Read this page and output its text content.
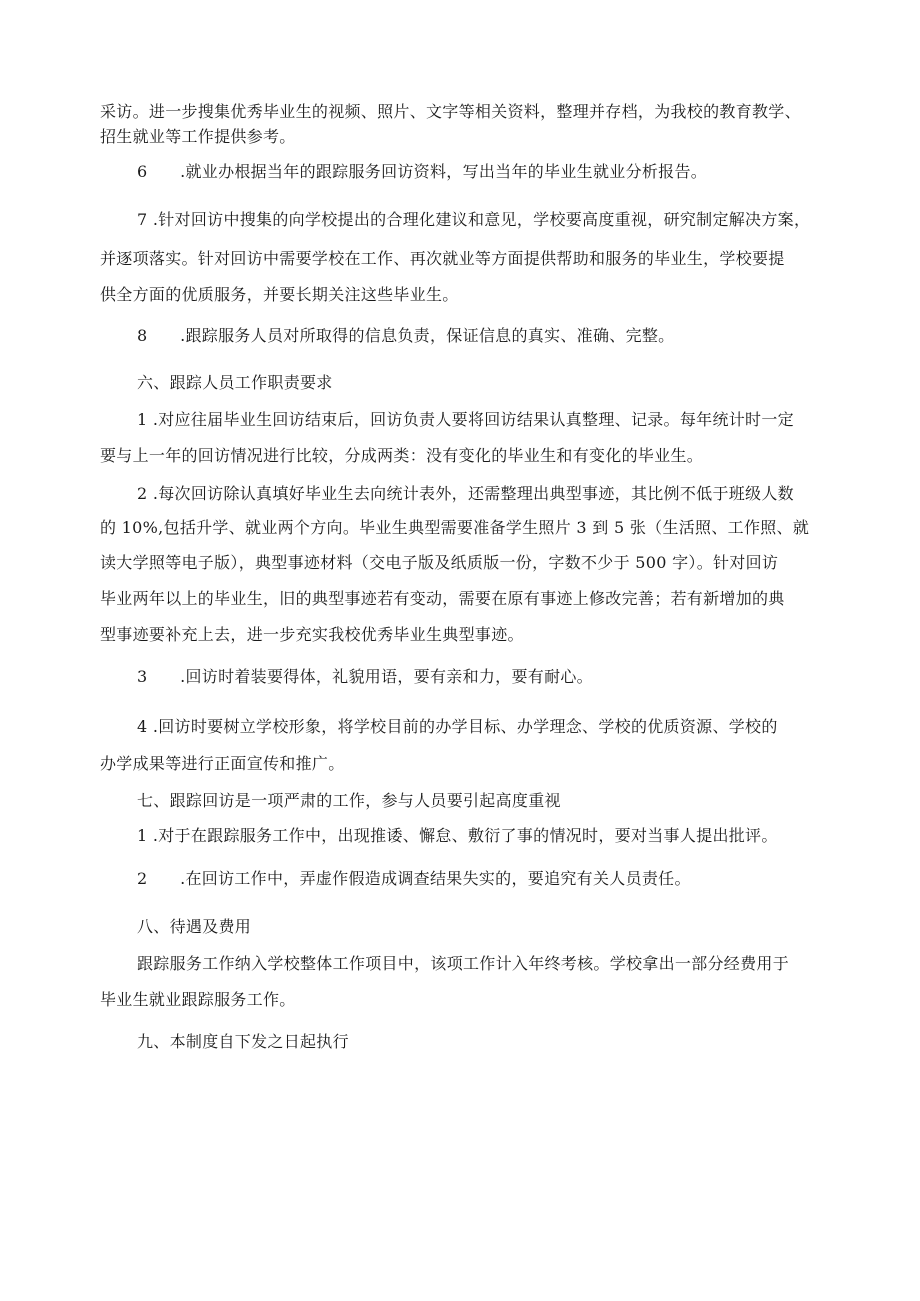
采访。进一步搜集优秀毕业生的视频、照片、文字等相关资料，整理并存档，为我校的教育教学、
招生就业等工作提供参考。
6　　.就业办根据当年的跟踪服务回访资料，写出当年的毕业生就业分析报告。
7 .针对回访中搜集的向学校提出的合理化建议和意见，学校要高度重视，研究制定解决方案，
并逐项落实。针对回访中需要学校在工作、再次就业等方面提供帮助和服务的毕业生，学校要提
供全方面的优质服务，并要长期关注这些毕业生。
8　　.跟踪服务人员对所取得的信息负责，保证信息的真实、准确、完整。
六、跟踪人员工作职责要求
1 .对应往届毕业生回访结束后，回访负责人要将回访结果认真整理、记录。每年统计时一定
要与上一年的回访情况进行比较，分成两类：没有变化的毕业生和有变化的毕业生。
2 .每次回访除认真填好毕业生去向统计表外，还需整理出典型事迹，其比例不低于班级人数
的 10%,包括升学、就业两个方向。毕业生典型需要准备学生照片 3 到 5 张（生活照、工作照、就
读大学照等电子版），典型事迹材料（交电子版及纸质版一份，字数不少于 500 字）。针对回访
毕业两年以上的毕业生，旧的典型事迹若有变动，需要在原有事迹上修改完善；若有新增加的典
型事迹要补充上去，进一步充实我校优秀毕业生典型事迹。
3　　.回访时着装要得体，礼貌用语，要有亲和力，要有耐心。
4 .回访时要树立学校形象，将学校目前的办学目标、办学理念、学校的优质资源、学校的
办学成果等进行正面宣传和推广。
七、跟踪回访是一项严肃的工作，参与人员要引起高度重视
1 .对于在跟踪服务工作中，出现推诿、懈怠、敷衍了事的情况时，要对当事人提出批评。
2　　.在回访工作中，弄虚作假造成调查结果失实的，要追究有关人员责任。
八、待遇及费用
跟踪服务工作纳入学校整体工作项目中，该项工作计入年终考核。学校拿出一部分经费用于
毕业生就业跟踪服务工作。
九、本制度自下发之日起执行
